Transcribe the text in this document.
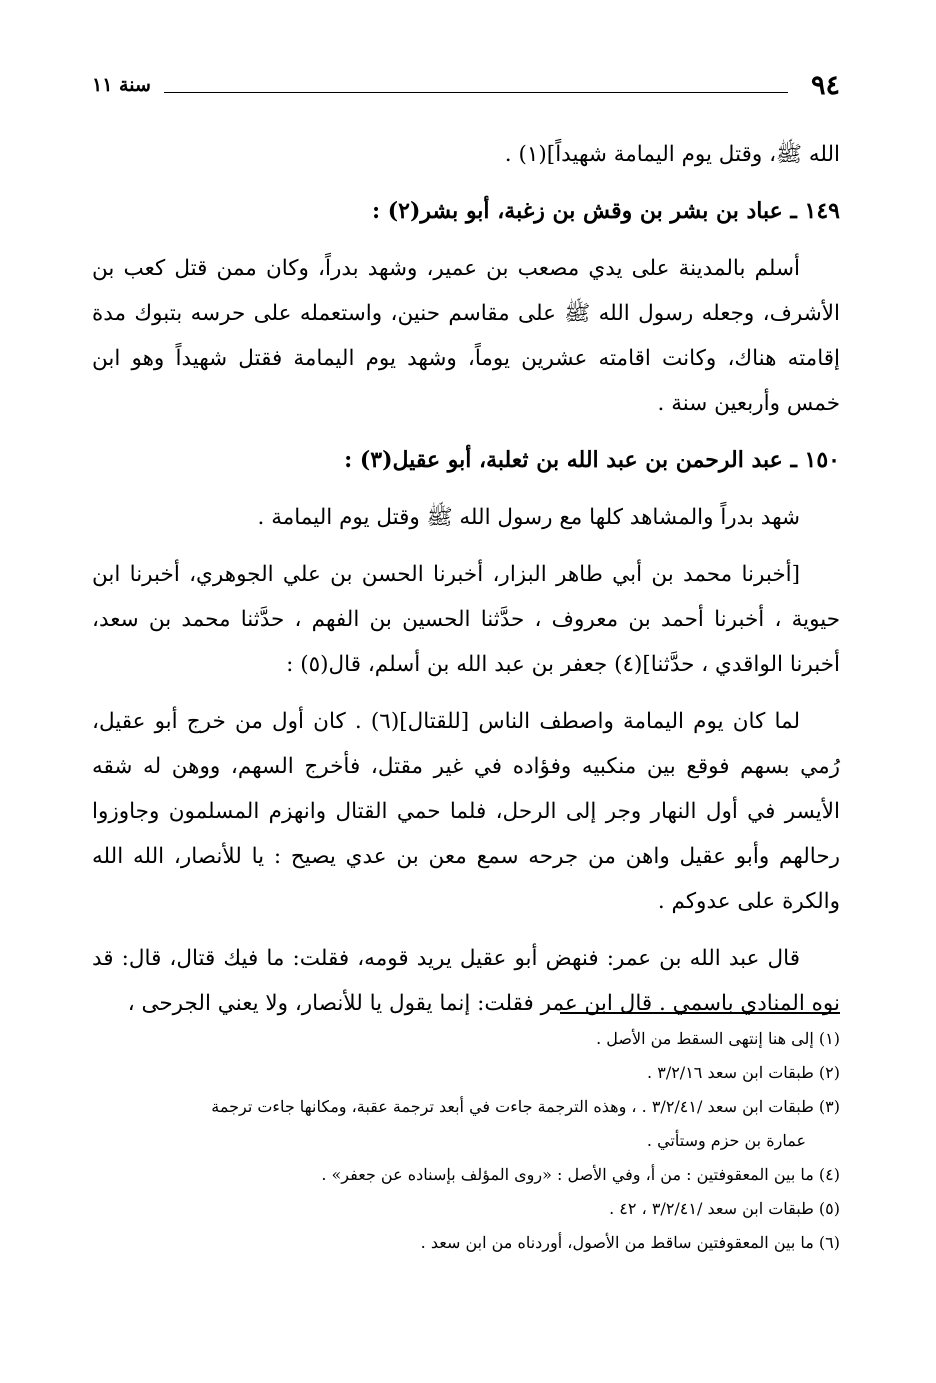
٩٤
سنة ١١

الله ﷺ، وقتل يوم اليمامة شهيداً](١) .

١٤٩ ـ عباد بن بشر بن وقش بن زغبة، أبو بشر(٢) :

أسلم بالمدينة على يدي مصعب بن عمير، وشهد بدراً، وكان ممن قتل كعب بن الأشرف، وجعله رسول الله ﷺ على مقاسم حنين، واستعمله على حرسه بتبوك مدة إقامته هناك، وكانت اقامته عشرين يوماً، وشهد يوم اليمامة فقتل شهيداً وهو ابن خمس وأربعين سنة .

١٥٠ ـ عبد الرحمن بن عبد الله بن ثعلبة، أبو عقيل(٣) :

شهد بدراً والمشاهد كلها مع رسول الله ﷺ وقتل يوم اليمامة .

[أخبرنا محمد بن أبي طاهر البزار، أخبرنا الحسن بن علي الجوهري، أخبرنا ابن حيوية ، أخبرنا أحمد بن معروف ، حدَّثنا الحسين بن الفهم ، حدَّثنا محمد بن سعد، أخبرنا الواقدي ، حدَّثنا](٤) جعفر بن عبد الله بن أسلم، قال(٥) :

لما كان يوم اليمامة واصطف الناس [للقتال](٦) . كان أول من خرج أبو عقيل، رُمي بسهم فوقع بين منكبيه وفؤاده في غير مقتل، فأخرج السهم، ووهن له شقه الأيسر في أول النهار وجر إلى الرحل، فلما حمي القتال وانهزم المسلمون وجاوزوا رحالهم وأبو عقيل واهن من جرحه سمع معن بن عدي يصيح : يا للأنصار، الله الله والكرة على عدوكم .

قال عبد الله بن عمر: فنهض أبو عقيل يريد قومه، فقلت: ما فيك قتال، قال: قد نوه المنادي باسمي . قال ابن عمر فقلت: إنما يقول يا للأنصار، ولا يعني الجرحى ،

(١) إلى هنا إنتهى السقط من الأصل .

(٢) طبقات ابن سعد ٣/٢/١٦ .

(٣) طبقات ابن سعد /٣/٢/٤١ . ، وهذه الترجمة جاءت في أبعد ترجمة عقبة، ومكانها جاءت ترجمة

عمارة بن حزم وستأتي .

(٤) ما بين المعقوفتين : من أ، وفي الأصل : «روى المؤلف بإسناده عن جعفر» .

(٥) طبقات ابن سعد /٣/٢/٤١ ، ٤٢ .

(٦) ما بين المعقوفتين ساقط من الأصول، أوردناه من ابن سعد .
